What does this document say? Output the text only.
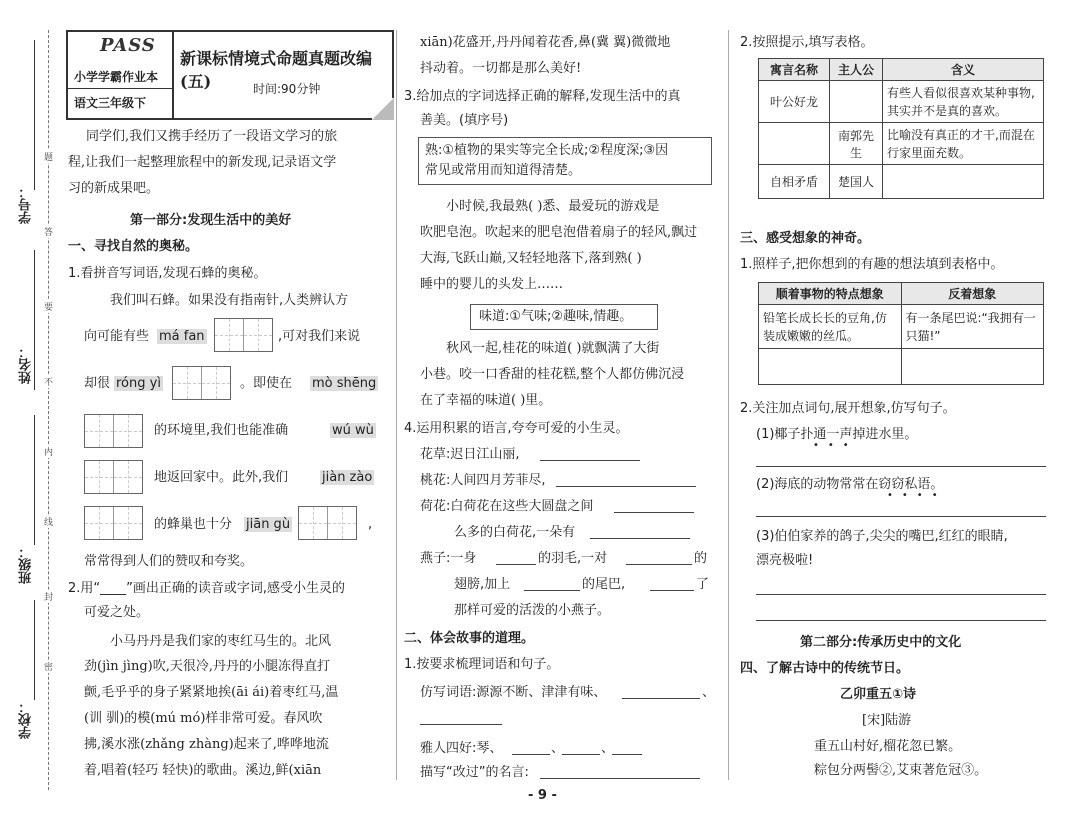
学号：
姓名：
班级：
学校：
题
答
要
不
内
线
封
密
PASS
小学学霸作业本
语文三年级下
新课标情境式命题真题改编(五)	时间:90分钟
同学们,我们又携手经历了一段语文学习的旅
程,让我们一起整理旅程中的新发现,记录语文学
习的新成果吧。
第一部分:发现生活中的美好
一、寻找自然的奥秘。
1.看拼音写词语,发现石蜂的奥秘。
我们叫石蜂。如果没有指南针,人类辨认方
向可能有些 má fan	,可对我们来说
却很 róng yì	。即使在 mò shēng
的环境里,我们也能准确	wú wù
地返回家中。此外,我们	jiàn zào
的蜂巢也十分 jiān gù	,
常常得到人们的赞叹和夸奖。
2.用“____”画出正确的读音或字词,感受小生灵的
可爱之处。
小马丹丹是我们家的枣红马生的。北风
劲(jìn jìng)吹,天很冷,丹丹的小腿冻得直打
颤,毛乎乎的身子紧紧地挨(āi ái)着枣红马,温
(训 驯)的模(mú mó)样非常可爱。春风吹
拂,溪水涨(zhǎng zhàng)起来了,哗哗地流
着,唱着(轻巧 轻快)的歌曲。溪边,鲜(xiān
xiān)花盛开,丹丹闻着花香,鼻(冀 翼)微微地
抖动着。一切都是那么美好!
3.给加点的字词选择正确的解释,发现生活中的真
善美。(填序号)
熟:①植物的果实等完全长成;②程度深;③因
常见或常用而知道得清楚。
小时候,我最熟( )悉、最爱玩的游戏是
吹肥皂泡。吹起来的肥皂泡借着扇子的轻风,飘过
大海,飞跃山巅,又轻轻地落下,落到熟( )
睡中的婴儿的头发上……
味道:①气味;②趣味,情趣。
秋风一起,桂花的味道( )就飘满了大街
小巷。咬一口香甜的桂花糕,整个人都仿佛沉浸
在了幸福的味道( )里。
4.运用积累的语言,夸夸可爱的小生灵。
花草:迟日江山丽,
桃花:人间四月芳菲尽,
荷花:白荷花在这些大圆盘之间
么多的白荷花,一朵有
燕子:一身	的羽毛,一对	的
翅膀,加上	的尾巴,	了
那样可爱的活泼的小燕子。
二、体会故事的道理。
1.按要求梳理词语和句子。
仿写词语:源源不断、津津有味、	、
雅人四好:琴、	、	、
描写“改过”的名言:
2.按照提示,填写表格。
寓言名称	主人公	含义
叶公好龙		有些人看似很喜欢某种事物,其实并不是真的喜欢。
	南郭先生	比喻没有真正的才干,而混在行家里面充数。
自相矛盾	楚国人	
三、感受想象的神奇。
1.照样子,把你想到的有趣的想法填到表格中。
顺着事物的特点想象	反着想象
铅笔长成长长的豆角,仿装成嫩嫩的丝瓜。	有一条尾巴说:“我拥有一只猫!”

2.关注加点词句,展开想象,仿写句子。
(1)椰子扑通一声掉进水里。
•••
(2)海底的动物常常在窃窃私语。
••••
(3)伯伯家养的鸽子,尖尖的嘴巴,红红的眼睛,
漂亮极啦!
第二部分:传承历史中的文化
四、了解古诗中的传统节日。
乙卯重五①诗
[宋]陆游
重五山村好,榴花忽已繁。
粽包分两髻②,艾束著危冠③。
- 9 -
